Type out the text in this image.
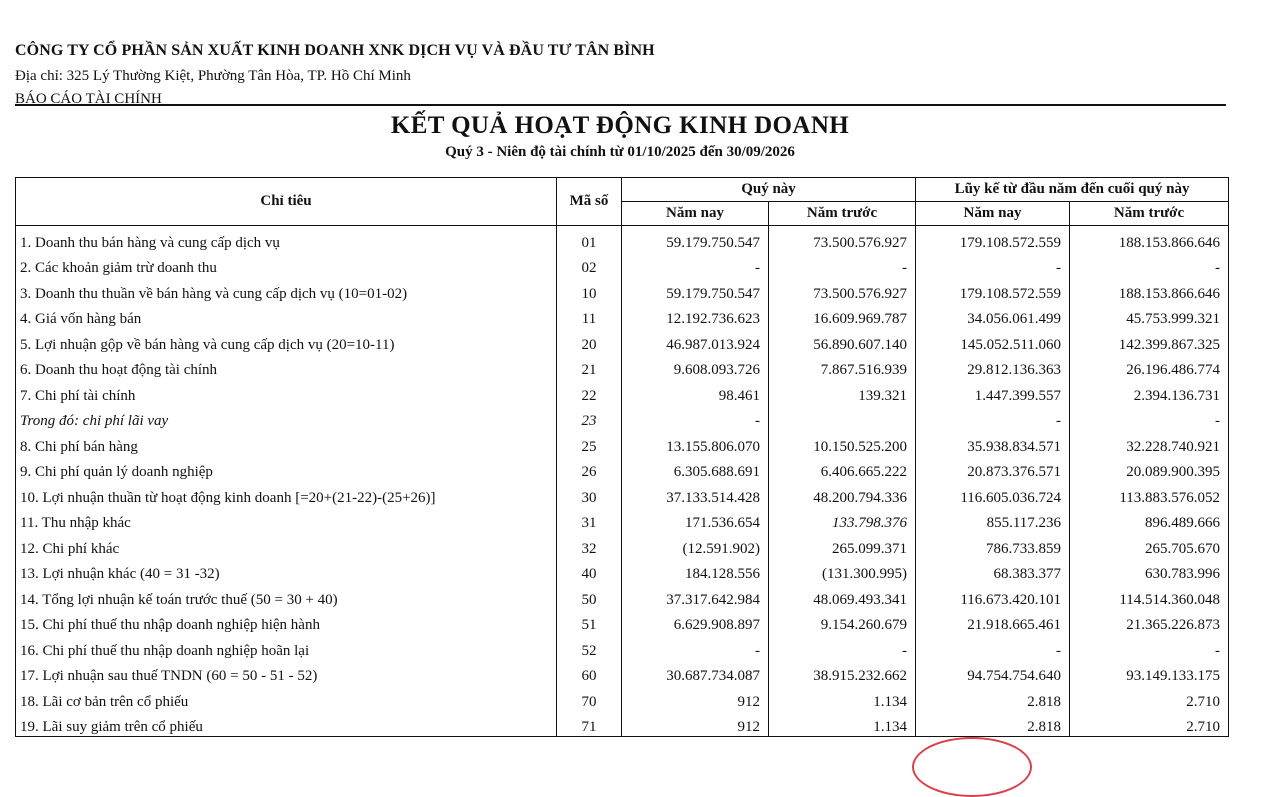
CÔNG TY CỔ PHẦN SẢN XUẤT KINH DOANH XNK DỊCH VỤ VÀ ĐẦU TƯ TÂN BÌNH
Địa chỉ: 325 Lý Thường Kiệt, Phường Tân Hòa, TP. Hồ Chí Minh
BÁO CÁO TÀI CHÍNH
KẾT QUẢ HOẠT ĐỘNG KINH DOANH
Quý 3 - Niên độ tài chính từ 01/10/2025 đến 30/09/2026
Chỉ tiêu	Mã số	Quý này		Lũy kế từ đầu năm đến cuối quý này	
		Năm nay	Năm trước	Năm nay	Năm trước
1. Doanh thu bán hàng và cung cấp dịch vụ	01	59.179.750.547	73.500.576.927	179.108.572.559	188.153.866.646
2. Các khoản giảm trừ doanh thu	02	-	-	-	-
3. Doanh thu thuần về bán hàng và cung cấp dịch vụ (10=01-02)	10	59.179.750.547	73.500.576.927	179.108.572.559	188.153.866.646
4. Giá vốn hàng bán	11	12.192.736.623	16.609.969.787	34.056.061.499	45.753.999.321
5. Lợi nhuận gộp về bán hàng và cung cấp dịch vụ (20=10-11)	20	46.987.013.924	56.890.607.140	145.052.511.060	142.399.867.325
6. Doanh thu hoạt động tài chính	21	9.608.093.726	7.867.516.939	29.812.136.363	26.196.486.774
7. Chi phí tài chính	22	98.461	139.321	1.447.399.557	2.394.136.731
Trong đó: chi phí lãi vay	23	-		-	-
8. Chi phí bán hàng	25	13.155.806.070	10.150.525.200	35.938.834.571	32.228.740.921
9. Chi phí quản lý doanh nghiệp	26	6.305.688.691	6.406.665.222	20.873.376.571	20.089.900.395
10. Lợi nhuận thuần từ hoạt động kinh doanh [=20+(21-22)-(25+26)]	30	37.133.514.428	48.200.794.336	116.605.036.724	113.883.576.052
11. Thu nhập khác	31	171.536.654	133.798.376	855.117.236	896.489.666
12. Chi phí khác	32	(12.591.902)	265.099.371	786.733.859	265.705.670
13. Lợi nhuận khác (40 = 31 -32)	40	184.128.556	(131.300.995)	68.383.377	630.783.996
14. Tổng lợi nhuận kế toán trước thuế (50 = 30 + 40)	50	37.317.642.984	48.069.493.341	116.673.420.101	114.514.360.048
15. Chi phí thuế thu nhập doanh nghiệp hiện hành	51	6.629.908.897	9.154.260.679	21.918.665.461	21.365.226.873
16. Chi phí thuế thu nhập doanh nghiệp hoãn lại	52	-	-	-	-
17. Lợi nhuận sau thuế TNDN (60 = 50 - 51 - 52)	60	30.687.734.087	38.915.232.662	94.754.754.640	93.149.133.175
18. Lãi cơ bản trên cổ phiếu	70	912	1.134	2.818	2.710
19. Lãi suy giảm trên cổ phiếu	71	912	1.134	2.818	2.710
